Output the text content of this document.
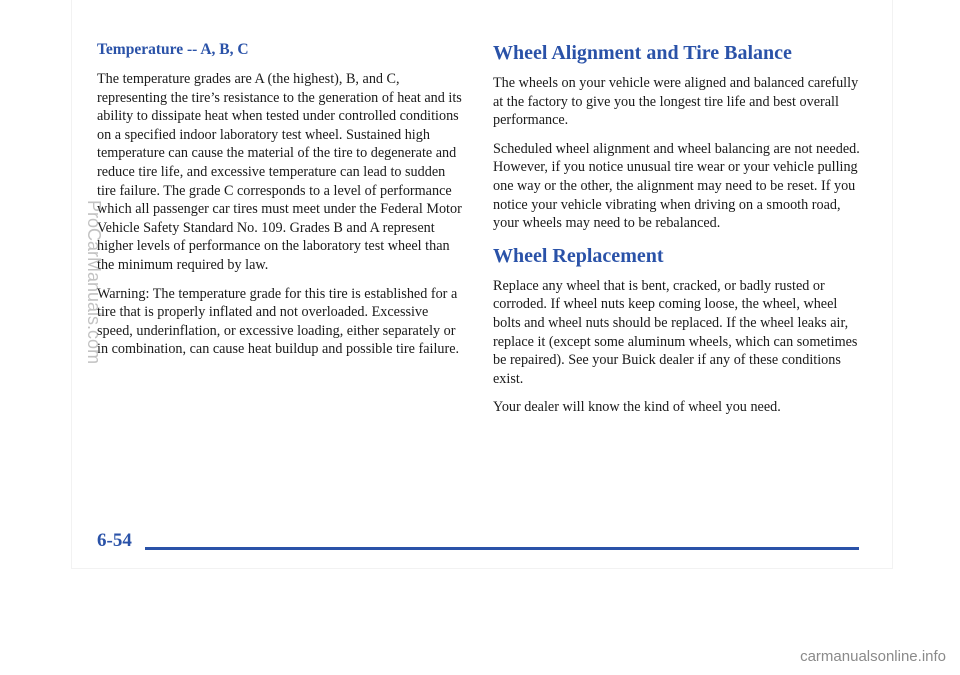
Temperature -- A, B, C

The temperature grades are A (the highest), B, and C, representing the tire’s resistance to the generation of heat and its ability to dissipate heat when tested under controlled conditions on a specified indoor laboratory test wheel. Sustained high temperature can cause the material of the tire to degenerate and reduce tire life, and excessive temperature can lead to sudden tire failure. The grade C corresponds to a level of performance which all passenger car tires must meet under the Federal Motor Vehicle Safety Standard No. 109. Grades B and A represent higher levels of performance on the laboratory test wheel than the minimum required by law.

Warning: The temperature grade for this tire is established for a tire that is properly inflated and not overloaded. Excessive speed, underinflation, or excessive loading, either separately or in combination, can cause heat buildup and possible tire failure.

Wheel Alignment and Tire Balance

The wheels on your vehicle were aligned and balanced carefully at the factory to give you the longest tire life and best overall performance.

Scheduled wheel alignment and wheel balancing are not needed. However, if you notice unusual tire wear or your vehicle pulling one way or the other, the alignment may need to be reset. If you notice your vehicle vibrating when driving on a smooth road, your wheels may need to be rebalanced.

Wheel Replacement

Replace any wheel that is bent, cracked, or badly rusted or corroded. If wheel nuts keep coming loose, the wheel, wheel bolts and wheel nuts should be replaced. If the wheel leaks air, replace it (except some aluminum wheels, which can sometimes be repaired). See your Buick dealer if any of these conditions exist.

Your dealer will know the kind of wheel you need.

6-54
ProCarManuals.com
carmanualsonline.info
